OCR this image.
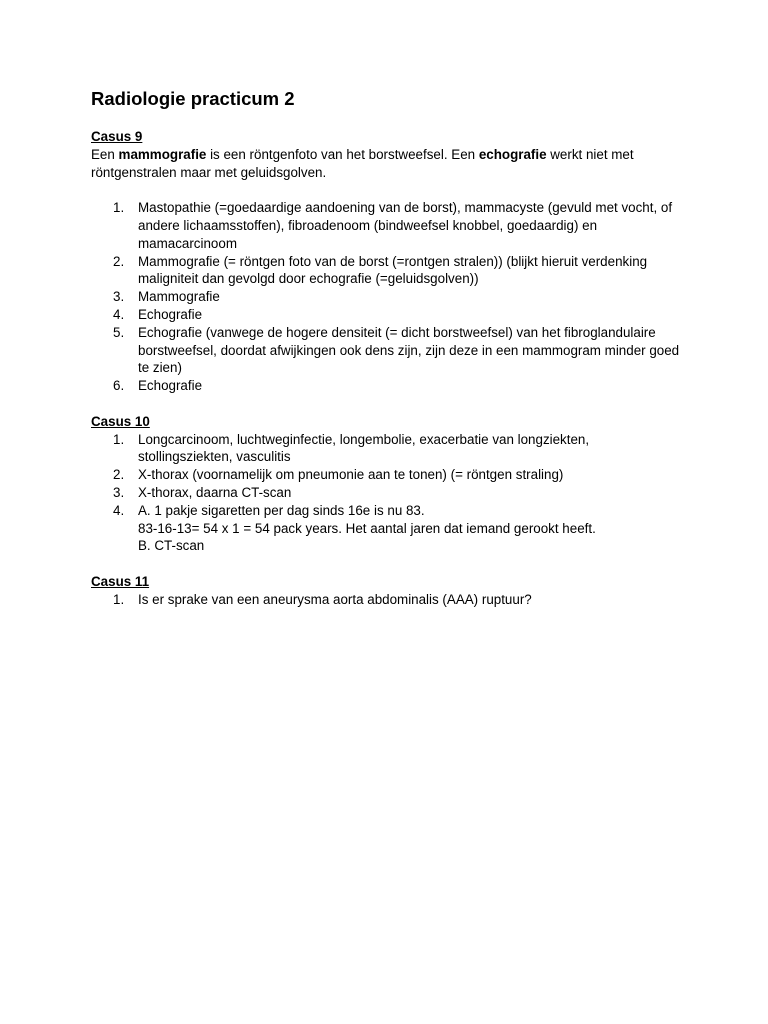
Radiologie practicum 2

Casus 9

Een mammografie is een röntgenfoto van het borstweefsel. Een echografie werkt niet met röntgenstralen maar met geluidsgolven.

1. Mastopathie (=goedaardige aandoening van de borst), mammacyste (gevuld met vocht, of andere lichaamsstoffen), fibroadenoom (bindweefsel knobbel, goedaardig) en mamacarcinoom
2. Mammografie (= röntgen foto van de borst (=rontgen stralen)) (blijkt hieruit verdenking maligniteit dan gevolgd door echografie (=geluidsgolven))
3. Mammografie
4. Echografie
5. Echografie (vanwege de hogere densiteit (= dicht borstweefsel) van het fibroglandulaire borstweefsel, doordat afwijkingen ook dens zijn, zijn deze in een mammogram minder goed te zien)
6. Echografie

Casus 10

1. Longcarcinoom, luchtweginfectie, longembolie, exacerbatie van longziekten, stollingsziekten, vasculitis
2. X-thorax (voornamelijk om pneumonie aan te tonen) (= röntgen straling)
3. X-thorax, daarna CT-scan
4. A. 1 pakje sigaretten per dag sinds 16e is nu 83.
83-16-13= 54 x 1 = 54 pack years. Het aantal jaren dat iemand gerookt heeft.
B. CT-scan

Casus 11

1. Is er sprake van een aneurysma aorta abdominalis (AAA) ruptuur?
